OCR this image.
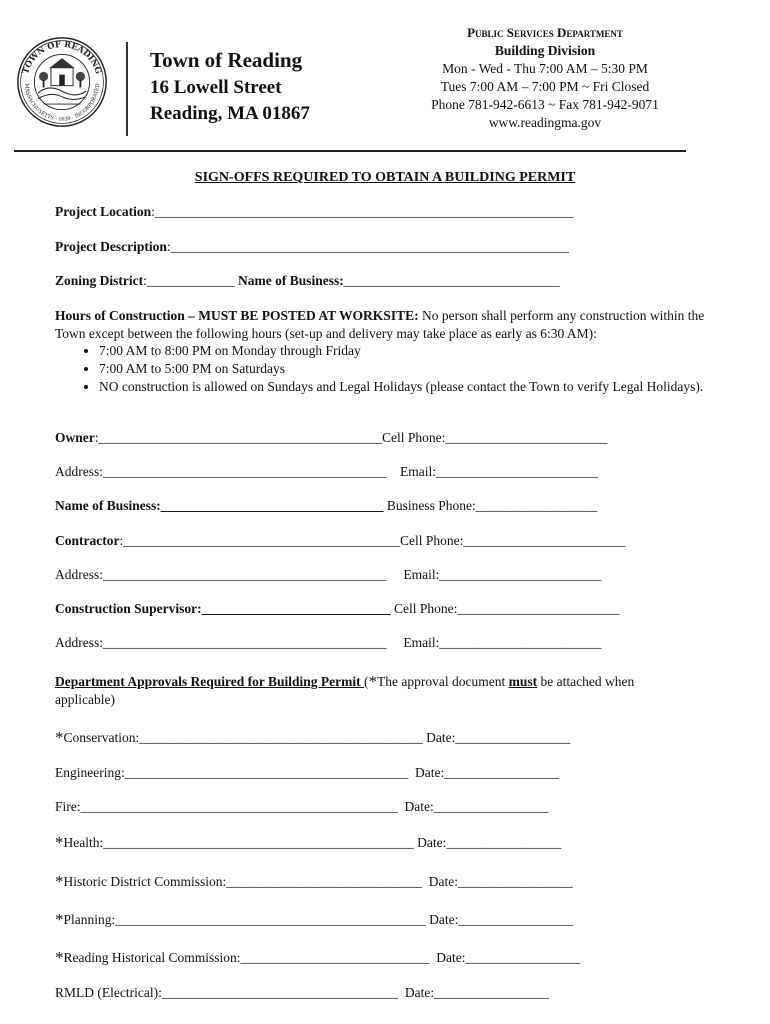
TOWN OF READING
MASSACHUSETTS · 1639 · INCORPORATED
Town of Reading
16 Lowell Street
Reading, MA 01867
Public Services Department
Building Division
Mon - Wed - Thu 7:00 AM – 5:30 PM
Tues 7:00 AM – 7:00 PM ~ Fri Closed
Phone 781-942-6613 ~ Fax 781-942-9071
www.readingma.gov
SIGN-OFFS REQUIRED TO OBTAIN A BUILDING PERMIT
Project Location:______________________________________________________________
Project Description:___________________________________________________________
Zoning District:_____________ Name of Business:________________________________
Hours of Construction – MUST BE POSTED AT WORKSITE: No person shall perform any construction within the Town except between the following hours (set-up and delivery may take place as early as 6:30 AM):
• 7:00 AM to 8:00 PM on Monday through Friday
• 7:00 AM to 5:00 PM on Saturdays
• NO construction is allowed on Sundays and Legal Holidays (please contact the Town to verify Legal Holidays).
Owner:__________________________________________Cell Phone:________________________
Address:__________________________________________    Email:________________________
Name of Business:_________________________________ Business Phone:__________________
Contractor:_________________________________________Cell Phone:________________________
Address:__________________________________________     Email:________________________
Construction Supervisor:____________________________ Cell Phone:________________________
Address:__________________________________________     Email:________________________
Department Approvals Required for Building Permit (*The approval document must be attached when
applicable)
*Conservation:__________________________________________ Date:_________________
Engineering:__________________________________________  Date:_________________
Fire:_______________________________________________  Date:_________________
*Health:______________________________________________ Date:_________________
*Historic District Commission:_____________________________  Date:_________________
*Planning:______________________________________________ Date:_________________
*Reading Historical Commission:____________________________  Date:_________________
RMLD (Electrical):___________________________________  Date:_________________
